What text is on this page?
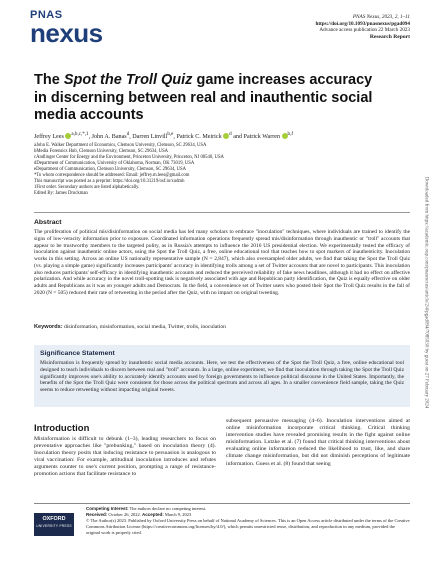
PNAS
nexus
PNAS Nexus, 2023, 2, 1–11
https://doi.org/10.1093/pnasnexus/pgad094
Advance access publication 22 March 2023
Research Report
The Spot the Troll Quiz game increases accuracy in discerning between real and inauthentic social media accounts
Jeffrey Lees $^{a,b,c,*,1}$, John A. Banas$^d$, Darren Linvill$^{b,e}$, Patrick C. Meirick $^d$ and Patrick Warren $^{b,f}$
aJohn E. Walker Department of Economics, Clemson University, Clemson, SC 29634, USA
bMedia Forensics Hub, Clemson University, Clemson, SC 29634, USA
cAndlinger Center for Energy and the Environment, Princeton University, Princeton, NJ 08540, USA
dDepartment of Communication, University of Oklahoma, Norman, OK 73019, USA
eDepartment of Communication, Clemson University, Clemson, SC 29634, USA
*To whom correspondence should be addressed: Email: jeffrey.m.lees@gmail.com
This manuscript was posted as a preprint: https://doi.org/10.31219/osf.io/xudmh
1First order. Secondary authors are listed alphabetically.
Edited By: James Druckman
Abstract
The proliferation of political mis/disinformation on social media has led many scholars to embrace "inoculation" techniques, where individuals are trained to identify the signs of low-veracity information prior to exposure. Coordinated information operations frequently spread mis/disinformation through inauthentic or "troll" accounts that appear to be trustworthy members to the targeted polity, as in Russia's attempts to influence the 2016 US presidential election. We experimentally tested the efficacy of inoculation against inauthentic online actors, using the Spot the Troll Quiz, a free, online educational tool that teaches how to spot markers of inauthenticity. Inoculation works in this setting. Across an online US nationally representative sample (N = 2,847), which also oversampled older adults, we find that taking the Spot the Troll Quiz (vs. playing a simple game) significantly increases participants' accuracy in identifying trolls among a set of Twitter accounts that are novel to participants. This inoculation also reduces participants' self-efficacy in identifying inauthentic accounts and reduced the perceived reliability of fake news headlines, although it had no effect on affective polarization. And while accuracy in the novel troll-spotting task is negatively associated with age and Republican party identification, the Quiz is equally effective on older adults and Republicans as it was on younger adults and Democrats. In the field, a convenience set of Twitter users who posted their Spot the Troll Quiz results in the fall of 2020 (N = 505) reduced their rate of retweeting in the period after the Quiz, with no impact on original tweeting.
Keywords: disinformation, misinformation, social media, Twitter, trolls, inoculation
Significance Statement
Misinformation is frequently spread by inauthentic social media accounts. Here, we test the effectiveness of the Spot the Troll Quiz, a free, online educational tool designed to teach individuals to discern between real and "troll" accounts. In a large, online experiment, we find that inoculation through taking the Spot the Troll Quiz significantly improves one's ability to accurately identify accounts used by foreign governments to influence political discourse in the United States. Importantly, the benefits of the Spot the Troll Quiz were consistent for those across the political spectrum and across all ages. In a smaller convenience field sample, taking the Quiz seems to reduce retweeting without impacting original tweets.
Introduction
Misinformation is difficult to debunk (1–3), leading researchers to focus on preventative approaches like "prebunking," based on inoculation theory (4). Inoculation theory posits that inducing resistance to persuasion is analogous to viral vaccination: For example, attitudinal inoculation introduces and refutes arguments counter to one's current position, prompting a range of resistance-promotion actions that facilitate resistance to
subsequent persuasive messaging (4–6). Inoculation interventions aimed at online misinformation incorporate critical thinking. Critical thinking intervention studies have revealed promising results in the fight against online misinformation. Lutzke et al. (7) found that critical thinking interventions about evaluating online information reduced the likelihood to trust, like, and share climate change misinformation, but did not diminish perceptions of legitimate information. Guess et al. (8) found that seeing
OXFORD
UNIVERSITY PRESS
Competing Interest: The authors declare no competing interest.
Received: October 26, 2022. Accepted: March 9, 2023
© The Author(s) 2023. Published by Oxford University Press on behalf of National Academy of Sciences. This is an Open Access article distributed under the terms of the Creative Commons Attribution License (https://creativecommons.org/licenses/by/4.0/), which permits unrestricted reuse, distribution, and reproduction in any medium, provided the original work is properly cited.
Downloaded from https://academic.oup.com/pnasnexus/article/2/4/pgad094/7085030 by guest on 27 February 2024
